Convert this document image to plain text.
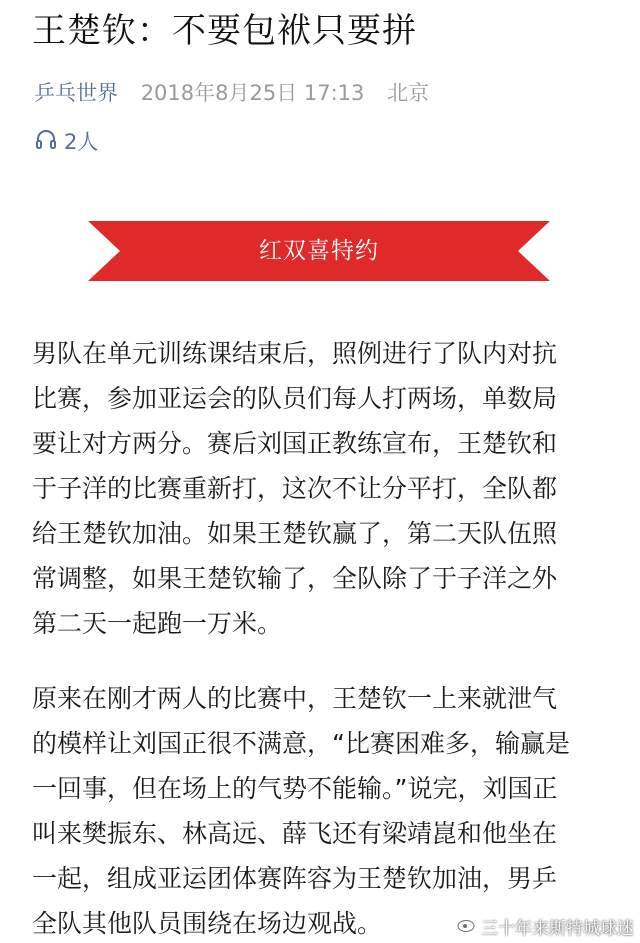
王楚钦：不要包袱只要拼
乒乓世界 2018年8月25日 17:13 北京
2人
红双喜特约
男队在单元训练课结束后，照例进行了队内对抗
比赛，参加亚运会的队员们每人打两场，单数局
要让对方两分。赛后刘国正教练宣布，王楚钦和
于子洋的比赛重新打，这次不让分平打，全队都
给王楚钦加油。如果王楚钦赢了，第二天队伍照
常调整，如果王楚钦输了，全队除了于子洋之外
第二天一起跑一万米。
原来在刚才两人的比赛中，王楚钦一上来就泄气
的模样让刘国正很不满意，“比赛困难多，输赢是
一回事，但在场上的气势不能输。”说完，刘国正
叫来樊振东、林高远、薛飞还有梁靖崑和他坐在
一起，组成亚运团体赛阵容为王楚钦加油，男乒
全队其他队员围绕在场边观战。	三十年来斯特城球迷
